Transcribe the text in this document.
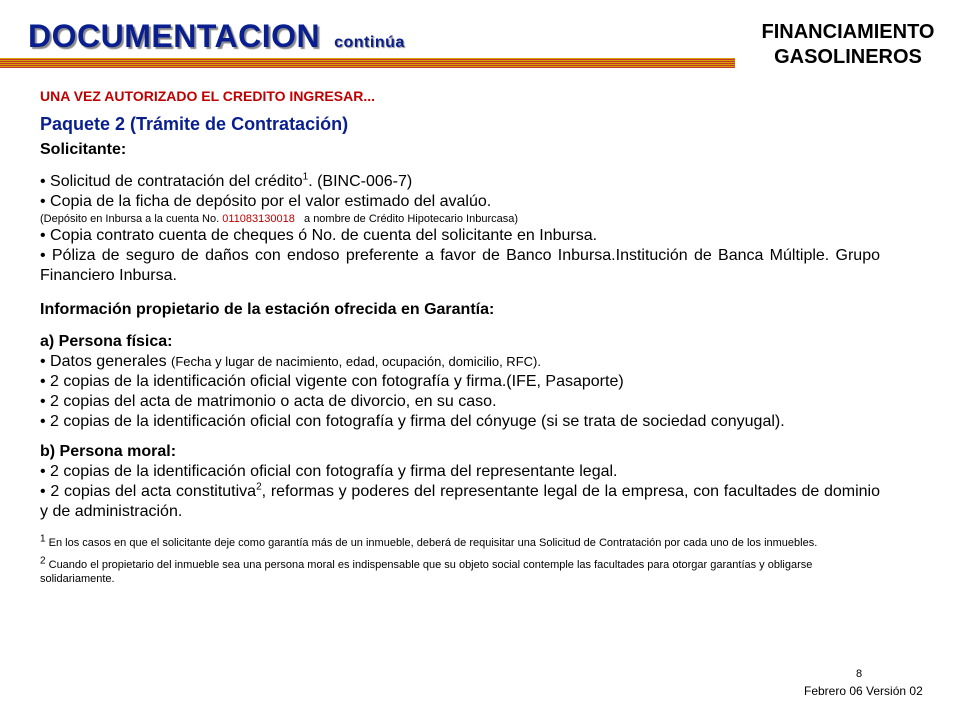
DOCUMENTACION continúa	FINANCIAMIENTO
GASOLINEROS

UNA VEZ AUTORIZADO EL CREDITO INGRESAR...

Paquete 2 (Trámite de Contratación)

Solicitante:

• Solicitud de contratación del crédito$^1$. (BINC-006-7)

• Copia de la ficha de depósito por el valor estimado del avalúo.

(Depósito en Inbursa a la cuenta No. 011083130018 a nombre de Crédito Hipotecario Inburcasa)

• Copia contrato cuenta de cheques ó No. de cuenta del solicitante en Inbursa.

• Póliza de seguro de daños con endoso preferente a favor de Banco Inbursa.Institución de Banca Múltiple. Grupo Financiero Inbursa.

Información propietario de la estación ofrecida en Garantía:

a) Persona física:

• Datos generales (Fecha y lugar de nacimiento, edad, ocupación, domicilio, RFC).

• 2 copias de la identificación oficial vigente con fotografía y firma.(IFE, Pasaporte)

• 2 copias del acta de matrimonio o acta de divorcio, en su caso.

• 2 copias de la identificación oficial con fotografía y firma del cónyuge (si se trata de sociedad conyugal).

b) Persona moral:

• 2 copias de la identificación oficial con fotografía y firma del representante legal.

• 2 copias del acta constitutiva$^2$, reformas y poderes del representante legal de la empresa, con facultades de dominio y de administración.

1 En los casos en que el solicitante deje como garantía más de un inmueble, deberá de requisitar una Solicitud de Contratación por cada uno de los inmuebles.

2 Cuando el propietario del inmueble sea una persona moral es indispensable que su objeto social contemple las facultades para otorgar garantías y obligarse solidariamente.

8
Febrero 06 Versión 02
